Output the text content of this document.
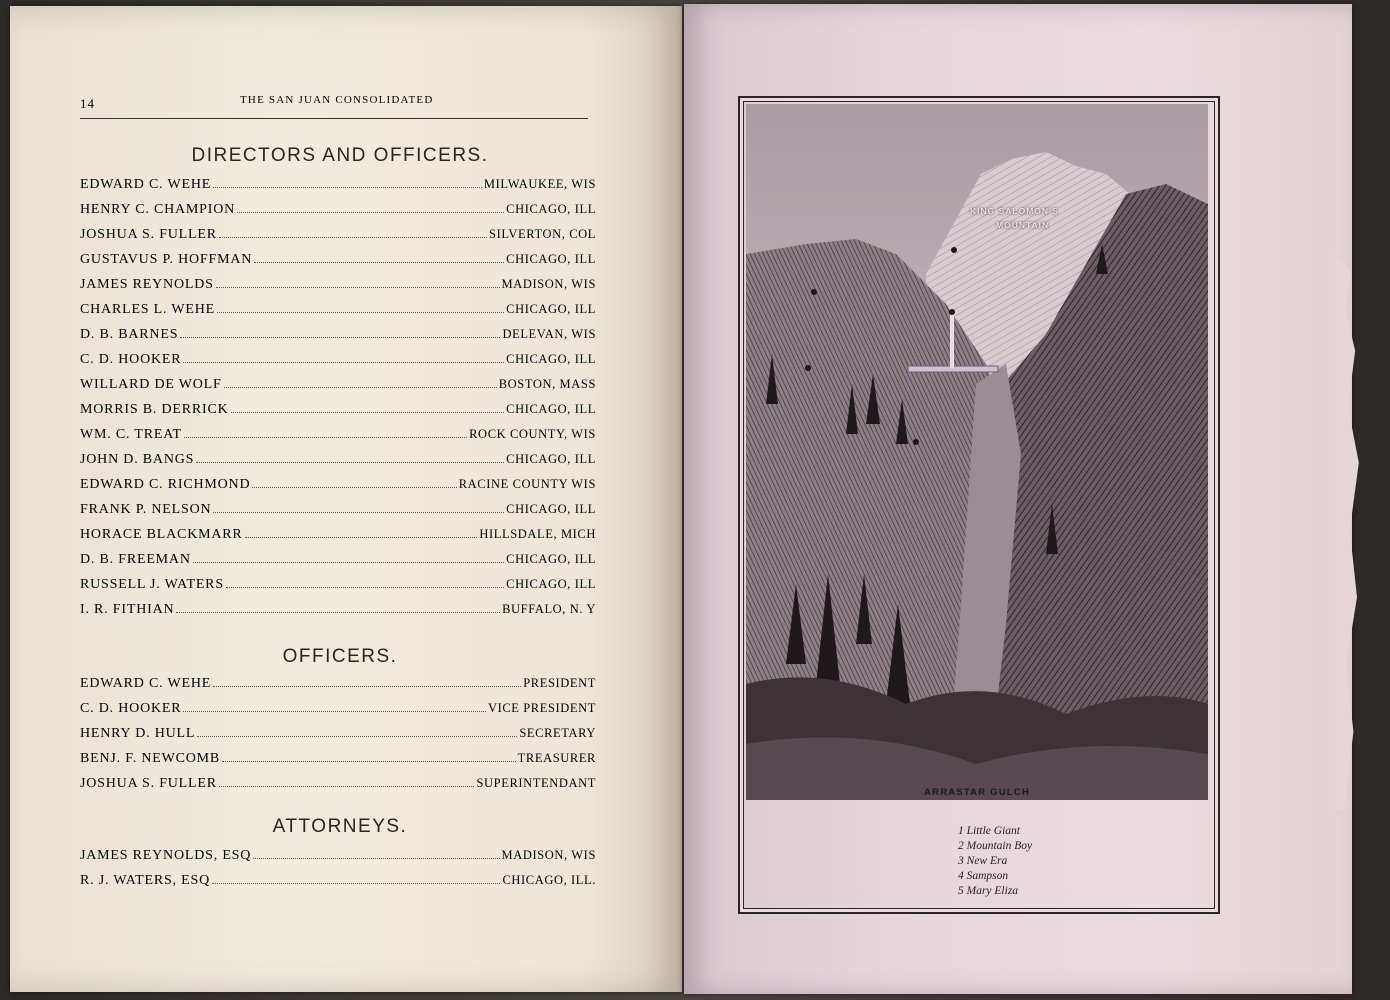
14	THE SAN JUAN CONSOLIDATED
DIRECTORS AND OFFICERS.
EDWARD C. WEHE	MILWAUKEE, WIS
HENRY C. CHAMPION	CHICAGO, ILL
JOSHUA S. FULLER	SILVERTON, COL
GUSTAVUS P. HOFFMAN	CHICAGO, ILL
JAMES REYNOLDS	MADISON, WIS
CHARLES L. WEHE	CHICAGO, ILL
D. B. BARNES	DELEVAN, WIS
C. D. HOOKER	CHICAGO, ILL
WILLARD DE WOLF	BOSTON, MASS
MORRIS B. DERRICK	CHICAGO, ILL
WM. C. TREAT	ROCK COUNTY, WIS
JOHN D. BANGS	CHICAGO, ILL
EDWARD C. RICHMOND	RACINE COUNTY WIS
FRANK P. NELSON	CHICAGO, ILL
HORACE BLACKMARR	HILLSDALE, MICH
D. B. FREEMAN	CHICAGO, ILL
RUSSELL J. WATERS	CHICAGO, ILL
I. R. FITHIAN	BUFFALO, N. Y
OFFICERS.
EDWARD C. WEHE	PRESIDENT
C. D. HOOKER	VICE PRESIDENT
HENRY D. HULL	SECRETARY
BENJ. F. NEWCOMB	TREASURER
JOSHUA S. FULLER	SUPERINTENDANT
ATTORNEYS.
JAMES REYNOLDS, ESQ	MADISON, WIS
R. J. WATERS, ESQ	CHICAGO, ILL.
KING SALOMON'S
MOUNTAIN
ARRASTAR GULCH
1 Little Giant
2 Mountain Boy
3 New Era
4 Sampson
5 Mary Eliza
